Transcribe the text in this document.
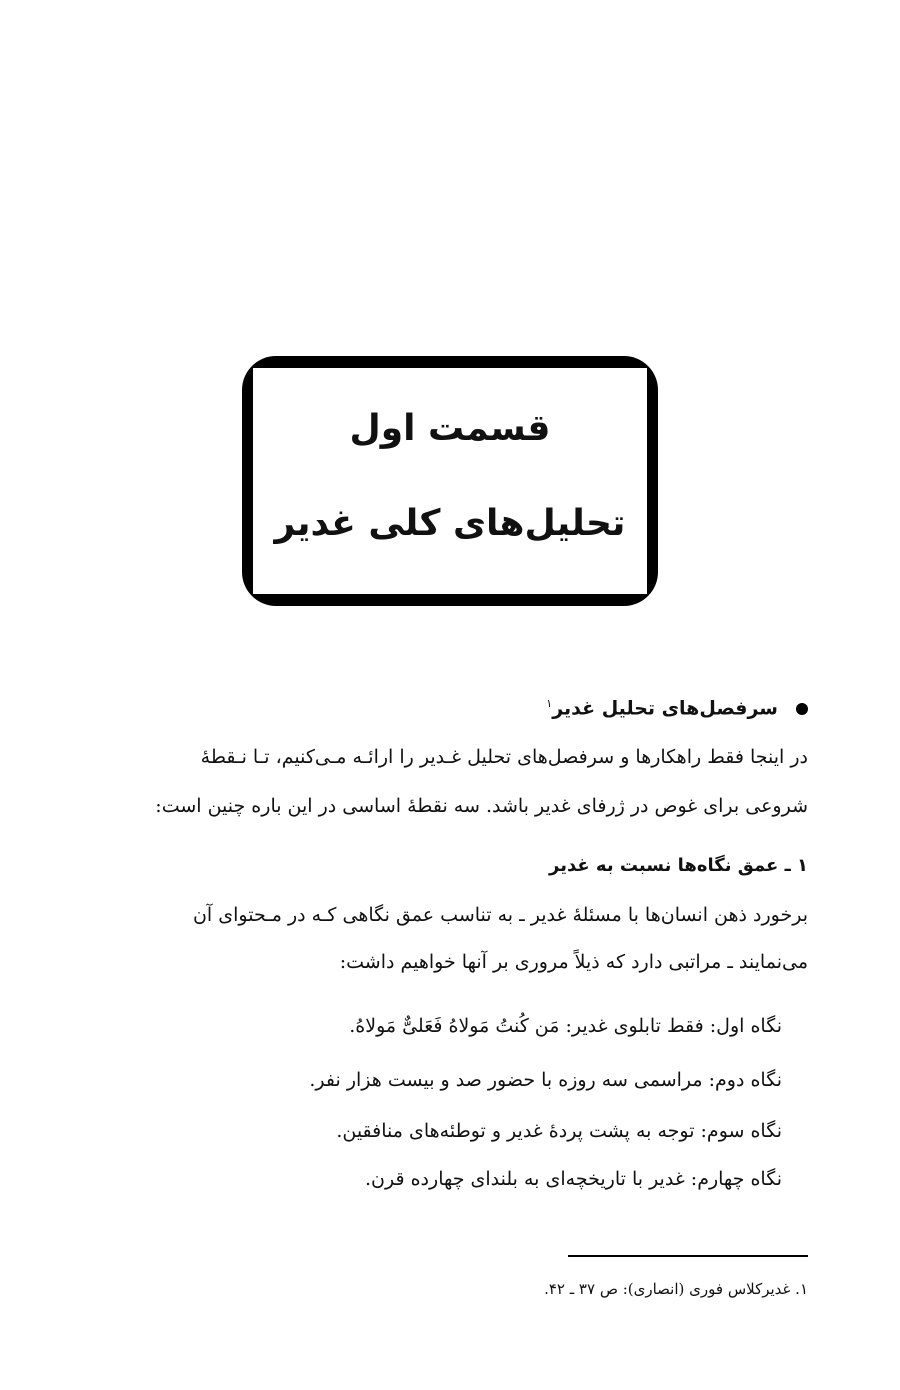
قسمت اول
تحلیل‌های کلی غدیر
سرفصل‌های تحلیل غدیر$^۱$
در اینجا فقط راهکارها و سرفصل‌های تحلیل غـدیر را ارائـه مـی‌کنیم، تـا نـقطهٔ
شروعی برای غوص در ژرفای غدیر باشد. سه نقطهٔ اساسی در این باره چنین است:
۱ ـ عمق نگاه‌ها نسبت به غدیر
برخورد ذهن انسان‌ها با مسئلهٔ غدیر ـ به تناسب عمق نگاهی کـه در مـحتوای آن
می‌نمایند ـ مراتبی دارد که ذیلاً مروری بر آنها خواهیم داشت:
نگاه اول: فقط تابلوی غدیر: مَن کُنتُ مَولاهُ فَعَلیٌّ مَولاهُ.
نگاه دوم: مراسمی سه روزه با حضور صد و بیست هزار نفر.
نگاه سوم: توجه به پشت پردهٔ غدیر و توطئه‌های منافقین.
نگاه چهارم: غدیر با تاریخچه‌ای به بلندای چهارده قرن.
۱. غدیرکلاس فوری (انصاری): ص ۳۷ ـ ۴۲.
